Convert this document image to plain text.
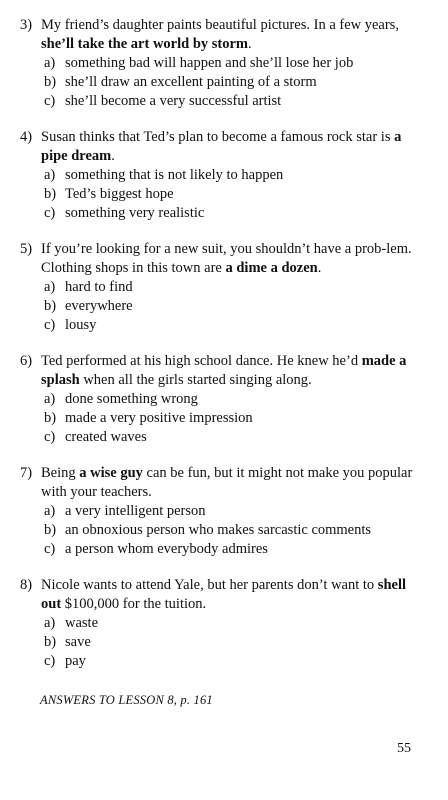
3) My friend’s daughter paints beautiful pictures. In a few years, she’ll take the art world by storm.
a) something bad will happen and she’ll lose her job
b) she’ll draw an excellent painting of a storm
c) she’ll become a very successful artist
4) Susan thinks that Ted’s plan to become a famous rock star is a pipe dream.
a) something that is not likely to happen
b) Ted’s biggest hope
c) something very realistic
5) If you’re looking for a new suit, you shouldn’t have a prob-lem. Clothing shops in this town are a dime a dozen.
a) hard to find
b) everywhere
c) lousy
6) Ted performed at his high school dance. He knew he’d made a splash when all the girls started singing along.
a) done something wrong
b) made a very positive impression
c) created waves
7) Being a wise guy can be fun, but it might not make you popular with your teachers.
a) a very intelligent person
b) an obnoxious person who makes sarcastic comments
c) a person whom everybody admires
8) Nicole wants to attend Yale, but her parents don’t want to shell out $100,000 for the tuition.
a) waste
b) save
c) pay
ANSWERS TO LESSON 8, p. 161
55
